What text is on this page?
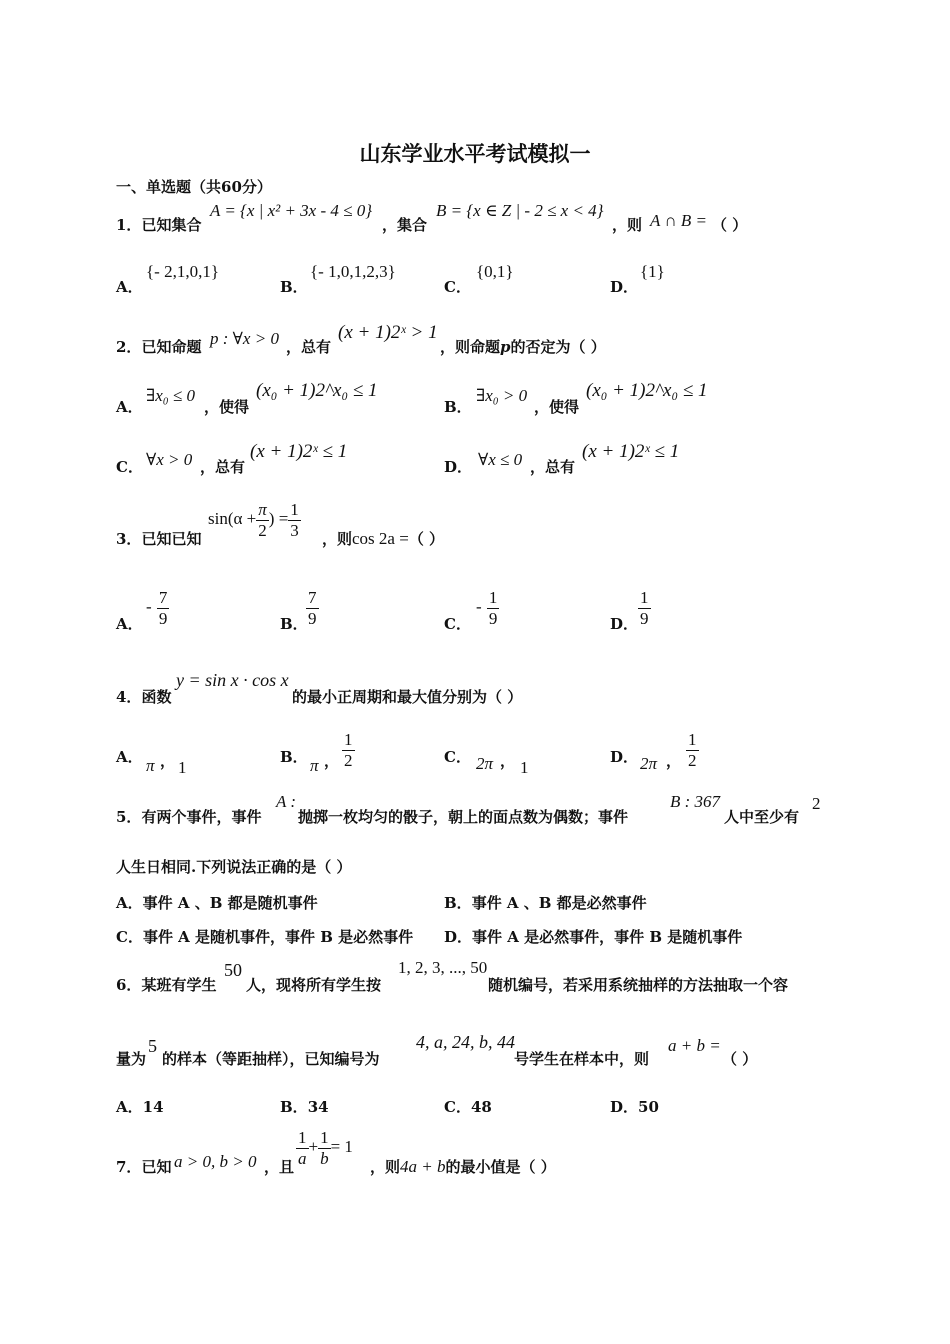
山东学业水平考试模拟一
一、单选题（共60分）
1．已知集合
A = {x | x² + 3x - 4 ≤ 0}
，集合
B = {x ∈ Z | - 2 ≤ x < 4}
，则 A ∩ B = （ ）
A．
{- 2,1,0,1}
B．
{- 1,0,1,2,3}
C．
{0,1}
D．
{1}
2．已知命题 p : ∀x > 0 ，总有
(x + 1)2ˣ > 1
，则命题p的否定为（ ）
A．
∃x₀ ≤ 0
，使得
(x₀ + 1)2^x₀ ≤ 1
B．
∃x₀ > 0
，使得
(x₀ + 1)2^x₀ ≤ 1
C． ∀x > 0 ，总有
(x + 1)2ˣ ≤ 1
D． ∀x ≤ 0 ，总有
(x + 1)2ˣ ≤ 1
3．已知已知
$\sin(\alpha + \frac{\pi}{2}$ ) = $\frac{1}{3}$ ，则cos 2a =（ ）
A．
- $\frac{7}{9}$	B．
$\frac{7}{9}$	C．
- $\frac{1}{9}$	D． $\frac{1}{9}$
4．函数
y = sin x · cos x
的最小正周期和最大值分别为（ ）
A． π ， 1
B． π ， $\frac{1}{2}$	C． 2π ， 1
D． 2π ， $\frac{1}{2}$
5．有两个事件，事件
A :
抛掷一枚均匀的骰子，朝上的面点数为偶数；事件
B : 367
人中至少有
2
人生日相同.下列说法正确的是（ ）
A．事件 A 、B 都是随机事件	B．事件 A 、B 都是必然事件
C．事件 A 是随机事件，事件 B 是必然事件 D．事件 A 是必然事件，事件 B 是随机事件
6．某班有学生
50
人，现将所有学生按
1, 2, 3, ..., 50
随机编号，若采用系统抽样的方法抽取一个容
量为
5
的样本（等距抽样），已知编号为
4, a, 24, b, 44
号学生在样本中，则
a + b =
（ ）
A．14	B．34	C．48	D．50
7．已知 a > 0, b > 0 ，且 $\frac{1}{a} + \frac{1}{b} = 1$
，则4a + b的最小值是（ ）
